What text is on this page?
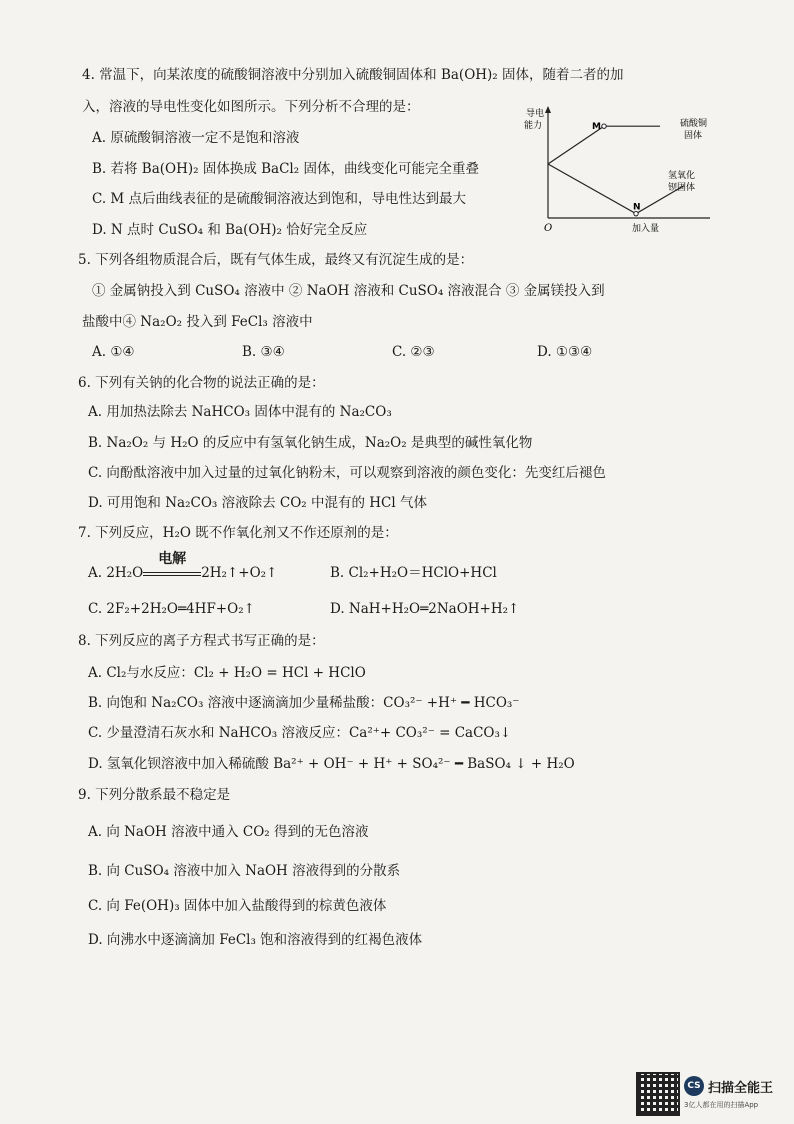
4. 常温下，向某浓度的硫酸铜溶液中分别加入硫酸铜固体和 Ba(OH)₂ 固体，随着二者的加
入，溶液的导电性变化如图所示。下列分析不合理的是：
A. 原硫酸铜溶液一定不是饱和溶液
B. 若将 Ba(OH)₂ 固体换成 BaCl₂ 固体，曲线变化可能完全重叠
C. M 点后曲线表征的是硫酸铜溶液达到饱和，导电性达到最大
D. N 点时 CuSO₄ 和 Ba(OH)₂ 恰好完全反应
导电
能力
O	加入量
M
N
硫酸铜
固体
氢氧化
钡固体
5. 下列各组物质混合后，既有气体生成，最终又有沉淀生成的是：
① 金属钠投入到 CuSO₄ 溶液中 ② NaOH 溶液和 CuSO₄ 溶液混合 ③ 金属镁投入到
盐酸中④ Na₂O₂ 投入到 FeCl₃ 溶液中
A. ①④	B. ③④	C. ②③	D. ①③④
6. 下列有关钠的化合物的说法正确的是：
A. 用加热法除去 NaHCO₃ 固体中混有的 Na₂CO₃
B. Na₂O₂ 与 H₂O 的反应中有氢氧化钠生成，Na₂O₂ 是典型的碱性氧化物
C. 向酚酞溶液中加入过量的过氧化钠粉末，可以观察到溶液的颜色变化：先变红后褪色
D. 可用饱和 Na₂CO₃ 溶液除去 CO₂ 中混有的 HCl 气体
7. 下列反应，H₂O 既不作氧化剂又不作还原剂的是：
A. 2H₂O
电解
2H₂↑+O₂↑	B. Cl₂+H₂O＝HClO+HCl
C. 2F₂+2H₂O═4HF+O₂↑	D. NaH+H₂O═2NaOH+H₂↑
8. 下列反应的离子方程式书写正确的是：
A. Cl₂与水反应：Cl₂ + H₂O = HCl + HClO
B. 向饱和 Na₂CO₃ 溶液中逐滴滴加少量稀盐酸：CO₃²⁻ +H⁺ ━ HCO₃⁻
C. 少量澄清石灰水和 NaHCO₃ 溶液反应：Ca²⁺+ CO₃²⁻ = CaCO₃↓
D. 氢氧化钡溶液中加入稀硫酸 Ba²⁺ + OH⁻ + H⁺ + SO₄²⁻ ━ BaSO₄ ↓ + H₂O
9. 下列分散系最不稳定是
A. 向 NaOH 溶液中通入 CO₂ 得到的无色溶液
B. 向 CuSO₄ 溶液中加入 NaOH 溶液得到的分散系
C. 向 Fe(OH)₃ 固体中加入盐酸得到的棕黄色液体
D. 向沸水中逐滴滴加 FeCl₃ 饱和溶液得到的红褐色液体
CS 扫描全能王
3亿人都在用的扫描App
